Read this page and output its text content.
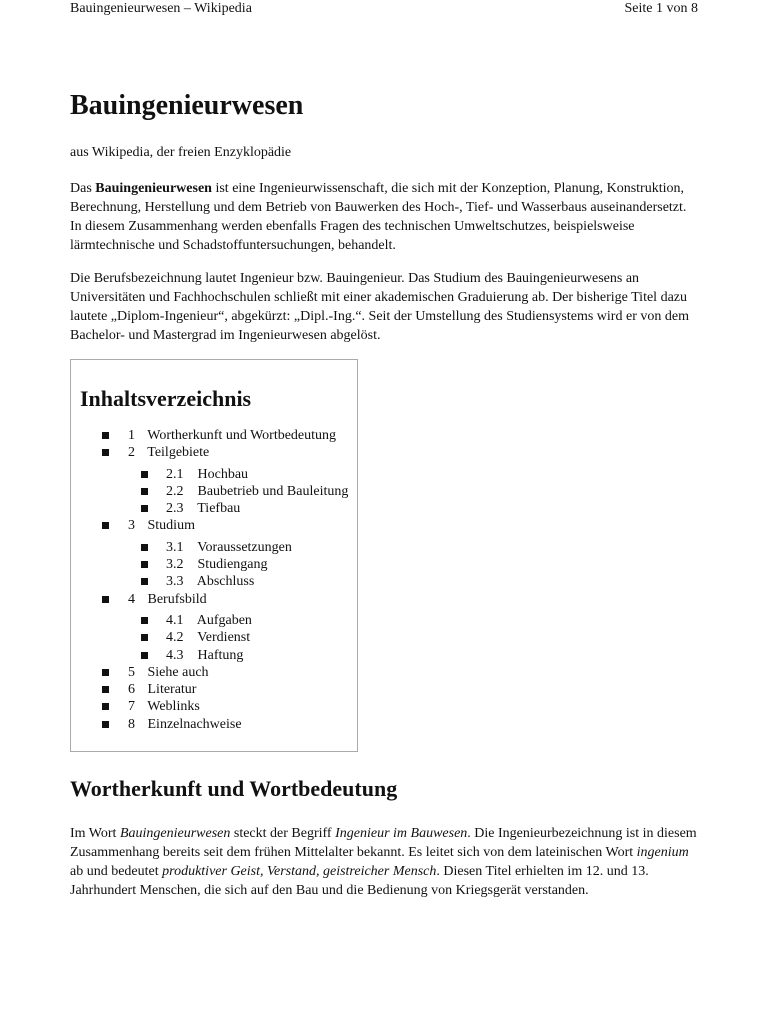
Bauingenieurwesen – Wikipedia	Seite 1 von 8
Bauingenieurwesen
aus Wikipedia, der freien Enzyklopädie

Das Bauingenieurwesen ist eine Ingenieurwissenschaft, die sich mit der Konzeption, Planung, Konstruktion, Berechnung, Herstellung und dem Betrieb von Bauwerken des Hoch-, Tief- und Wasserbaus auseinandersetzt. In diesem Zusammenhang werden ebenfalls Fragen des technischen Umweltschutzes, beispielsweise lärmtechnische und Schadstoffuntersuchungen, behandelt.

Die Berufsbezeichnung lautet Ingenieur bzw. Bauingenieur. Das Studium des Bauingenieurwesens an Universitäten und Fachhochschulen schließt mit einer akademischen Graduierung ab. Der bisherige Titel dazu lautete „Diplom-Ingenieur“, abgekürzt: „Dipl.-Ing.“. Seit der Umstellung des Studiensystems wird er von dem Bachelor- und Mastergrad im Ingenieurwesen abgelöst.

Inhaltsverzeichnis
1 Wortherkunft und Wortbedeutung
2 Teilgebiete
2.1 Hochbau
2.2 Baubetrieb und Bauleitung
2.3 Tiefbau
3 Studium
3.1 Voraussetzungen
3.2 Studiengang
3.3 Abschluss
4 Berufsbild
4.1 Aufgaben
4.2 Verdienst
4.3 Haftung
5 Siehe auch
6 Literatur
7 Weblinks
8 Einzelnachweise
Wortherkunft und Wortbedeutung

Im Wort Bauingenieurwesen steckt der Begriff Ingenieur im Bauwesen. Die Ingenieurbezeichnung ist in diesem Zusammenhang bereits seit dem frühen Mittelalter bekannt. Es leitet sich von dem lateinischen Wort ingenium ab und bedeutet produktiver Geist, Verstand, geistreicher Mensch. Diesen Titel erhielten im 12. und 13. Jahrhundert Menschen, die sich auf den Bau und die Bedienung von Kriegsgerät verstanden.
